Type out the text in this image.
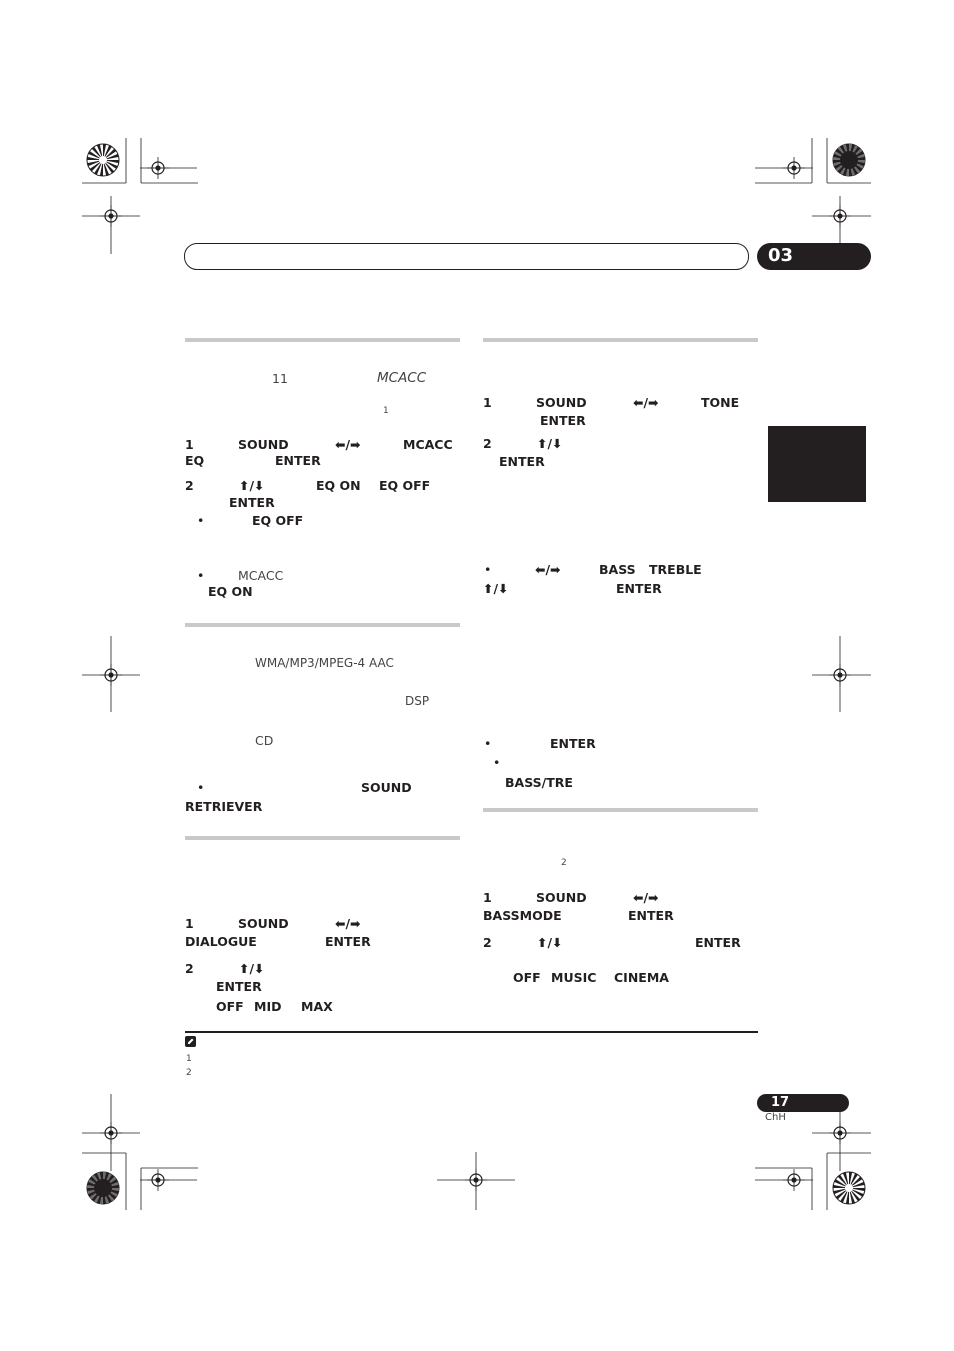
03
11	MCACC
1
1	SOUND	⬅/➡	MCACC
EQ	ENTER
2	⬆/⬇	EQ ON EQ OFF
ENTER
•	EQ OFF
•	MCACC
EQ ON
WMA/MP3/MPEG-4 AAC
DSP
CD
•	SOUND
RETRIEVER
1	SOUND	⬅/➡
DIALOGUE	ENTER
2	⬆/⬇
ENTER
OFF MID MAX
1	SOUND	⬅/➡	TONE
ENTER
2	⬆/⬇
ENTER
•	⬅/➡	BASS TREBLE
⬆/⬇	ENTER
•	ENTER
•
BASS/TRE
2
1	SOUND	⬅/➡
BASSMODE	ENTER
2	⬆/⬇	ENTER
OFF MUSIC CINEMA
1
2
17
ChH
